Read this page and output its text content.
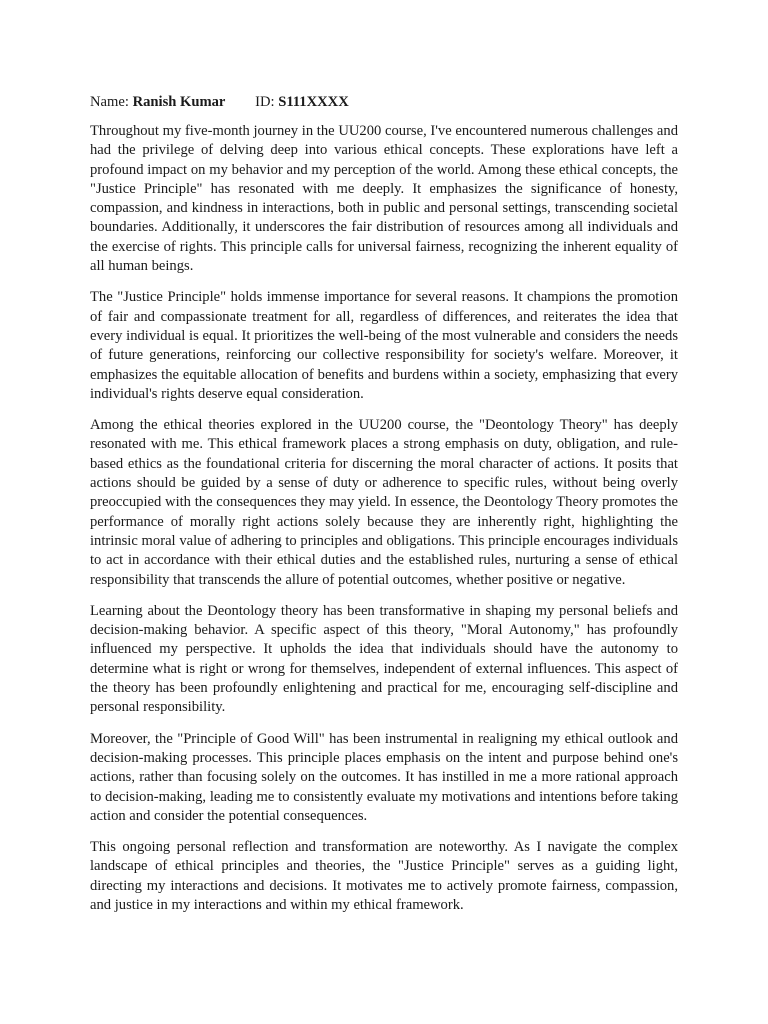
Name: Ranish Kumar ID: S111XXXX

Throughout my five-month journey in the UU200 course, I've encountered numerous challenges and had the privilege of delving deep into various ethical concepts. These explorations have left a profound impact on my behavior and my perception of the world. Among these ethical concepts, the "Justice Principle" has resonated with me deeply. It emphasizes the significance of honesty, compassion, and kindness in interactions, both in public and personal settings, transcending societal boundaries. Additionally, it underscores the fair distribution of resources among all individuals and the exercise of rights. This principle calls for universal fairness, recognizing the inherent equality of all human beings.

The "Justice Principle" holds immense importance for several reasons. It champions the promotion of fair and compassionate treatment for all, regardless of differences, and reiterates the idea that every individual is equal. It prioritizes the well-being of the most vulnerable and considers the needs of future generations, reinforcing our collective responsibility for society's welfare. Moreover, it emphasizes the equitable allocation of benefits and burdens within a society, emphasizing that every individual's rights deserve equal consideration.

Among the ethical theories explored in the UU200 course, the "Deontology Theory" has deeply resonated with me. This ethical framework places a strong emphasis on duty, obligation, and rule-based ethics as the foundational criteria for discerning the moral character of actions. It posits that actions should be guided by a sense of duty or adherence to specific rules, without being overly preoccupied with the consequences they may yield. In essence, the Deontology Theory promotes the performance of morally right actions solely because they are inherently right, highlighting the intrinsic moral value of adhering to principles and obligations. This principle encourages individuals to act in accordance with their ethical duties and the established rules, nurturing a sense of ethical responsibility that transcends the allure of potential outcomes, whether positive or negative.

Learning about the Deontology theory has been transformative in shaping my personal beliefs and decision-making behavior. A specific aspect of this theory, "Moral Autonomy," has profoundly influenced my perspective. It upholds the idea that individuals should have the autonomy to determine what is right or wrong for themselves, independent of external influences. This aspect of the theory has been profoundly enlightening and practical for me, encouraging self-discipline and personal responsibility.

Moreover, the "Principle of Good Will" has been instrumental in realigning my ethical outlook and decision-making processes. This principle places emphasis on the intent and purpose behind one's actions, rather than focusing solely on the outcomes. It has instilled in me a more rational approach to decision-making, leading me to consistently evaluate my motivations and intentions before taking action and consider the potential consequences.

This ongoing personal reflection and transformation are noteworthy. As I navigate the complex landscape of ethical principles and theories, the "Justice Principle" serves as a guiding light, directing my interactions and decisions. It motivates me to actively promote fairness, compassion, and justice in my interactions and within my ethical framework.
